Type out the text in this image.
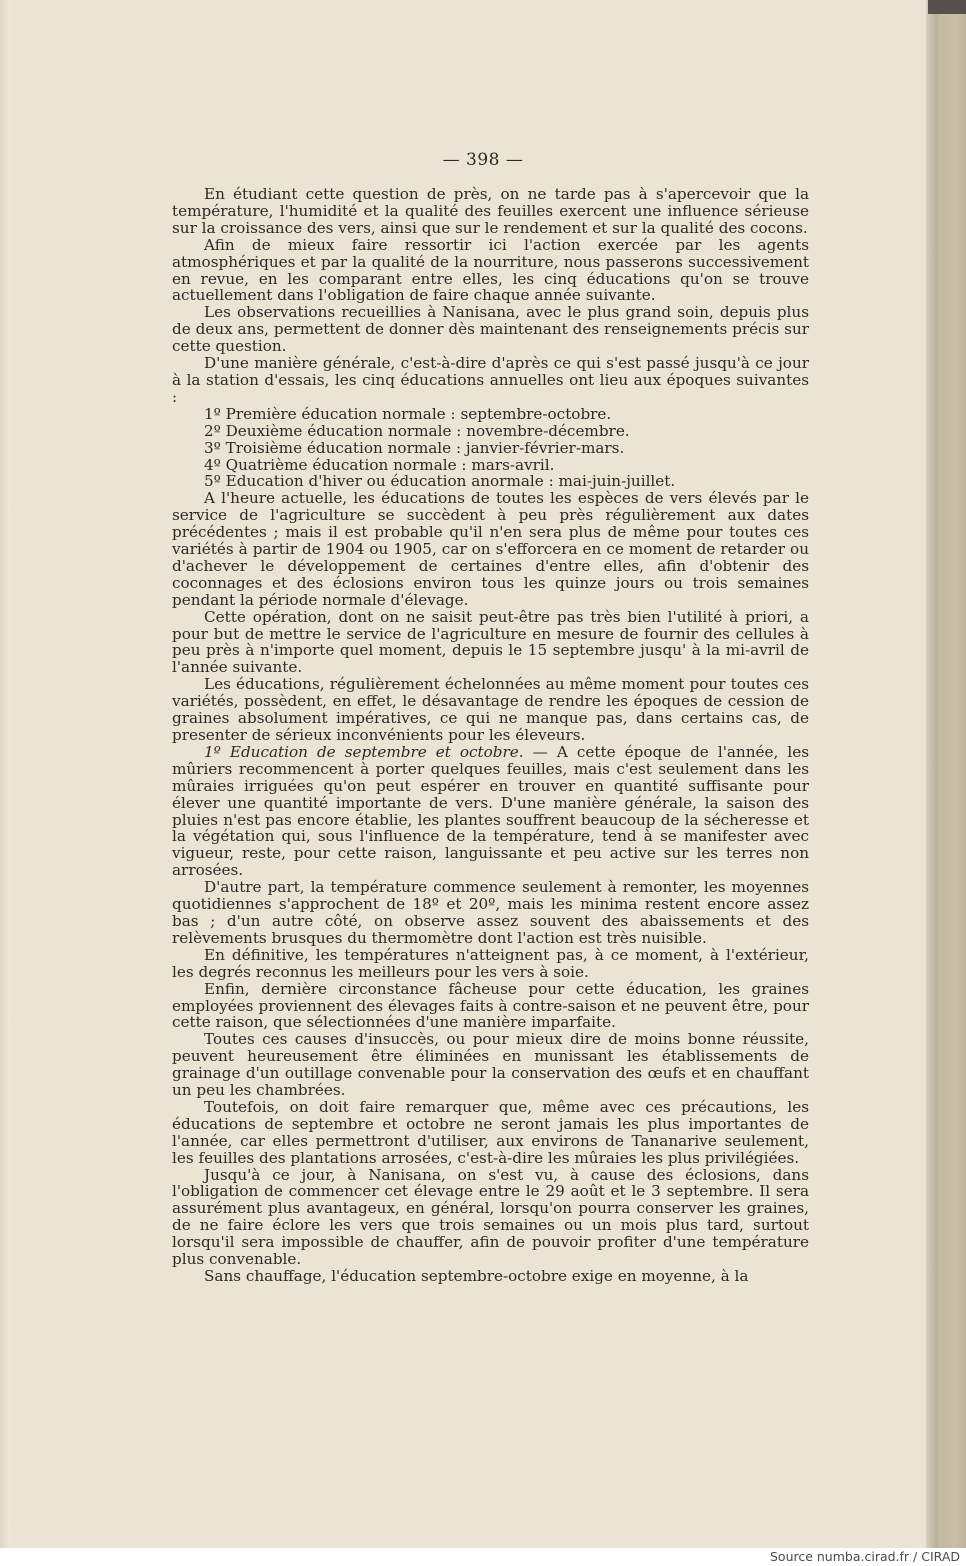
— 398 —

En étudiant cette question de près, on ne tarde pas à s'apercevoir que la température, l'humidité et la qualité des feuilles exercent une influence sérieuse sur la croissance des vers, ainsi que sur le rendement et sur la qualité des cocons.

Afin de mieux faire ressortir ici l'action exercée par les agents atmosphériques et par la qualité de la nourriture, nous passerons successivement en revue, en les comparant entre elles, les cinq éducations qu'on se trouve actuellement dans l'obligation de faire chaque année suivante.

Les observations recueillies à Nanisana, avec le plus grand soin, depuis plus de deux ans, permettent de donner dès maintenant des renseignements précis sur cette question.

D'une manière générale, c'est-à-dire d'après ce qui s'est passé jusqu'à ce jour à la station d'essais, les cinq éducations annuelles ont lieu aux époques suivantes :

1º Première éducation normale : septembre-octobre.
2º Deuxième éducation normale : novembre-décembre.
3º Troisième éducation normale : janvier-février-mars.
4º Quatrième éducation normale : mars-avril.
5º Education d'hiver ou éducation anormale : mai-juin-juillet.

A l'heure actuelle, les éducations de toutes les espèces de vers élevés par le service de l'agriculture se succèdent à peu près régulièrement aux dates précédentes ; mais il est probable qu'il n'en sera plus de même pour toutes ces variétés à partir de 1904 ou 1905, car on s'efforcera en ce moment de retarder ou d'achever le développement de certaines d'entre elles, afin d'obtenir des coconnages et des éclosions environ tous les quinze jours ou trois semaines pendant la période normale d'élevage.

Cette opération, dont on ne saisit peut-être pas très bien l'utilité à priori, a pour but de mettre le service de l'agriculture en mesure de fournir des cellules à peu près à n'importe quel moment, depuis le 15 septembre jusqu' à la mi-avril de l'année suivante.

Les éducations, régulièrement échelonnées au même moment pour toutes ces variétés, possèdent, en effet, le désavantage de rendre les époques de cession de graines absolument impératives, ce qui ne manque pas, dans certains cas, de presenter de sérieux inconvénients pour les éleveurs.

1º Education de septembre et octobre. — A cette époque de l'année, les mûriers recommencent à porter quelques feuilles, mais c'est seulement dans les mûraies irriguées qu'on peut espérer en trouver en quantité suffisante pour élever une quantité importante de vers. D'une manière générale, la saison des pluies n'est pas encore établie, les plantes souffrent beaucoup de la sécheresse et la végétation qui, sous l'influence de la température, tend à se manifester avec vigueur, reste, pour cette raison, languissante et peu active sur les terres non arrosées.

D'autre part, la température commence seulement à remonter, les moyennes quotidiennes s'approchent de 18º et 20º, mais les minima restent encore assez bas ; d'un autre côté, on observe assez souvent des abaissements et des relèvements brusques du thermomètre dont l'action est très nuisible.

En définitive, les températures n'atteignent pas, à ce moment, à l'extérieur, les degrés reconnus les meilleurs pour les vers à soie.

Enfin, dernière circonstance fâcheuse pour cette éducation, les graines employées proviennent des élevages faits à contre-saison et ne peuvent être, pour cette raison, que sélectionnées d'une manière imparfaite.

Toutes ces causes d'insuccès, ou pour mieux dire de moins bonne réussite, peuvent heureusement être éliminées en munissant les établissements de grainage d'un outillage convenable pour la conservation des œufs et en chauffant un peu les chambrées.

Toutefois, on doit faire remarquer que, même avec ces précautions, les éducations de septembre et octobre ne seront jamais les plus importantes de l'année, car elles permettront d'utiliser, aux environs de Tananarive seulement, les feuilles des plantations arrosées, c'est-à-dire les mûraies les plus privilégiées.

Jusqu'à ce jour, à Nanisana, on s'est vu, à cause des éclosions, dans l'obligation de commencer cet élevage entre le 29 août et le 3 septembre. Il sera assurément plus avantageux, en général, lorsqu'on pourra conserver les graines, de ne faire éclore les vers que trois semaines ou un mois plus tard, surtout lorsqu'il sera impossible de chauffer, afin de pouvoir profiter d'une température plus convenable.

Sans chauffage, l'éducation septembre-octobre exige en moyenne, à la

Source numba.cirad.fr / CIRAD
